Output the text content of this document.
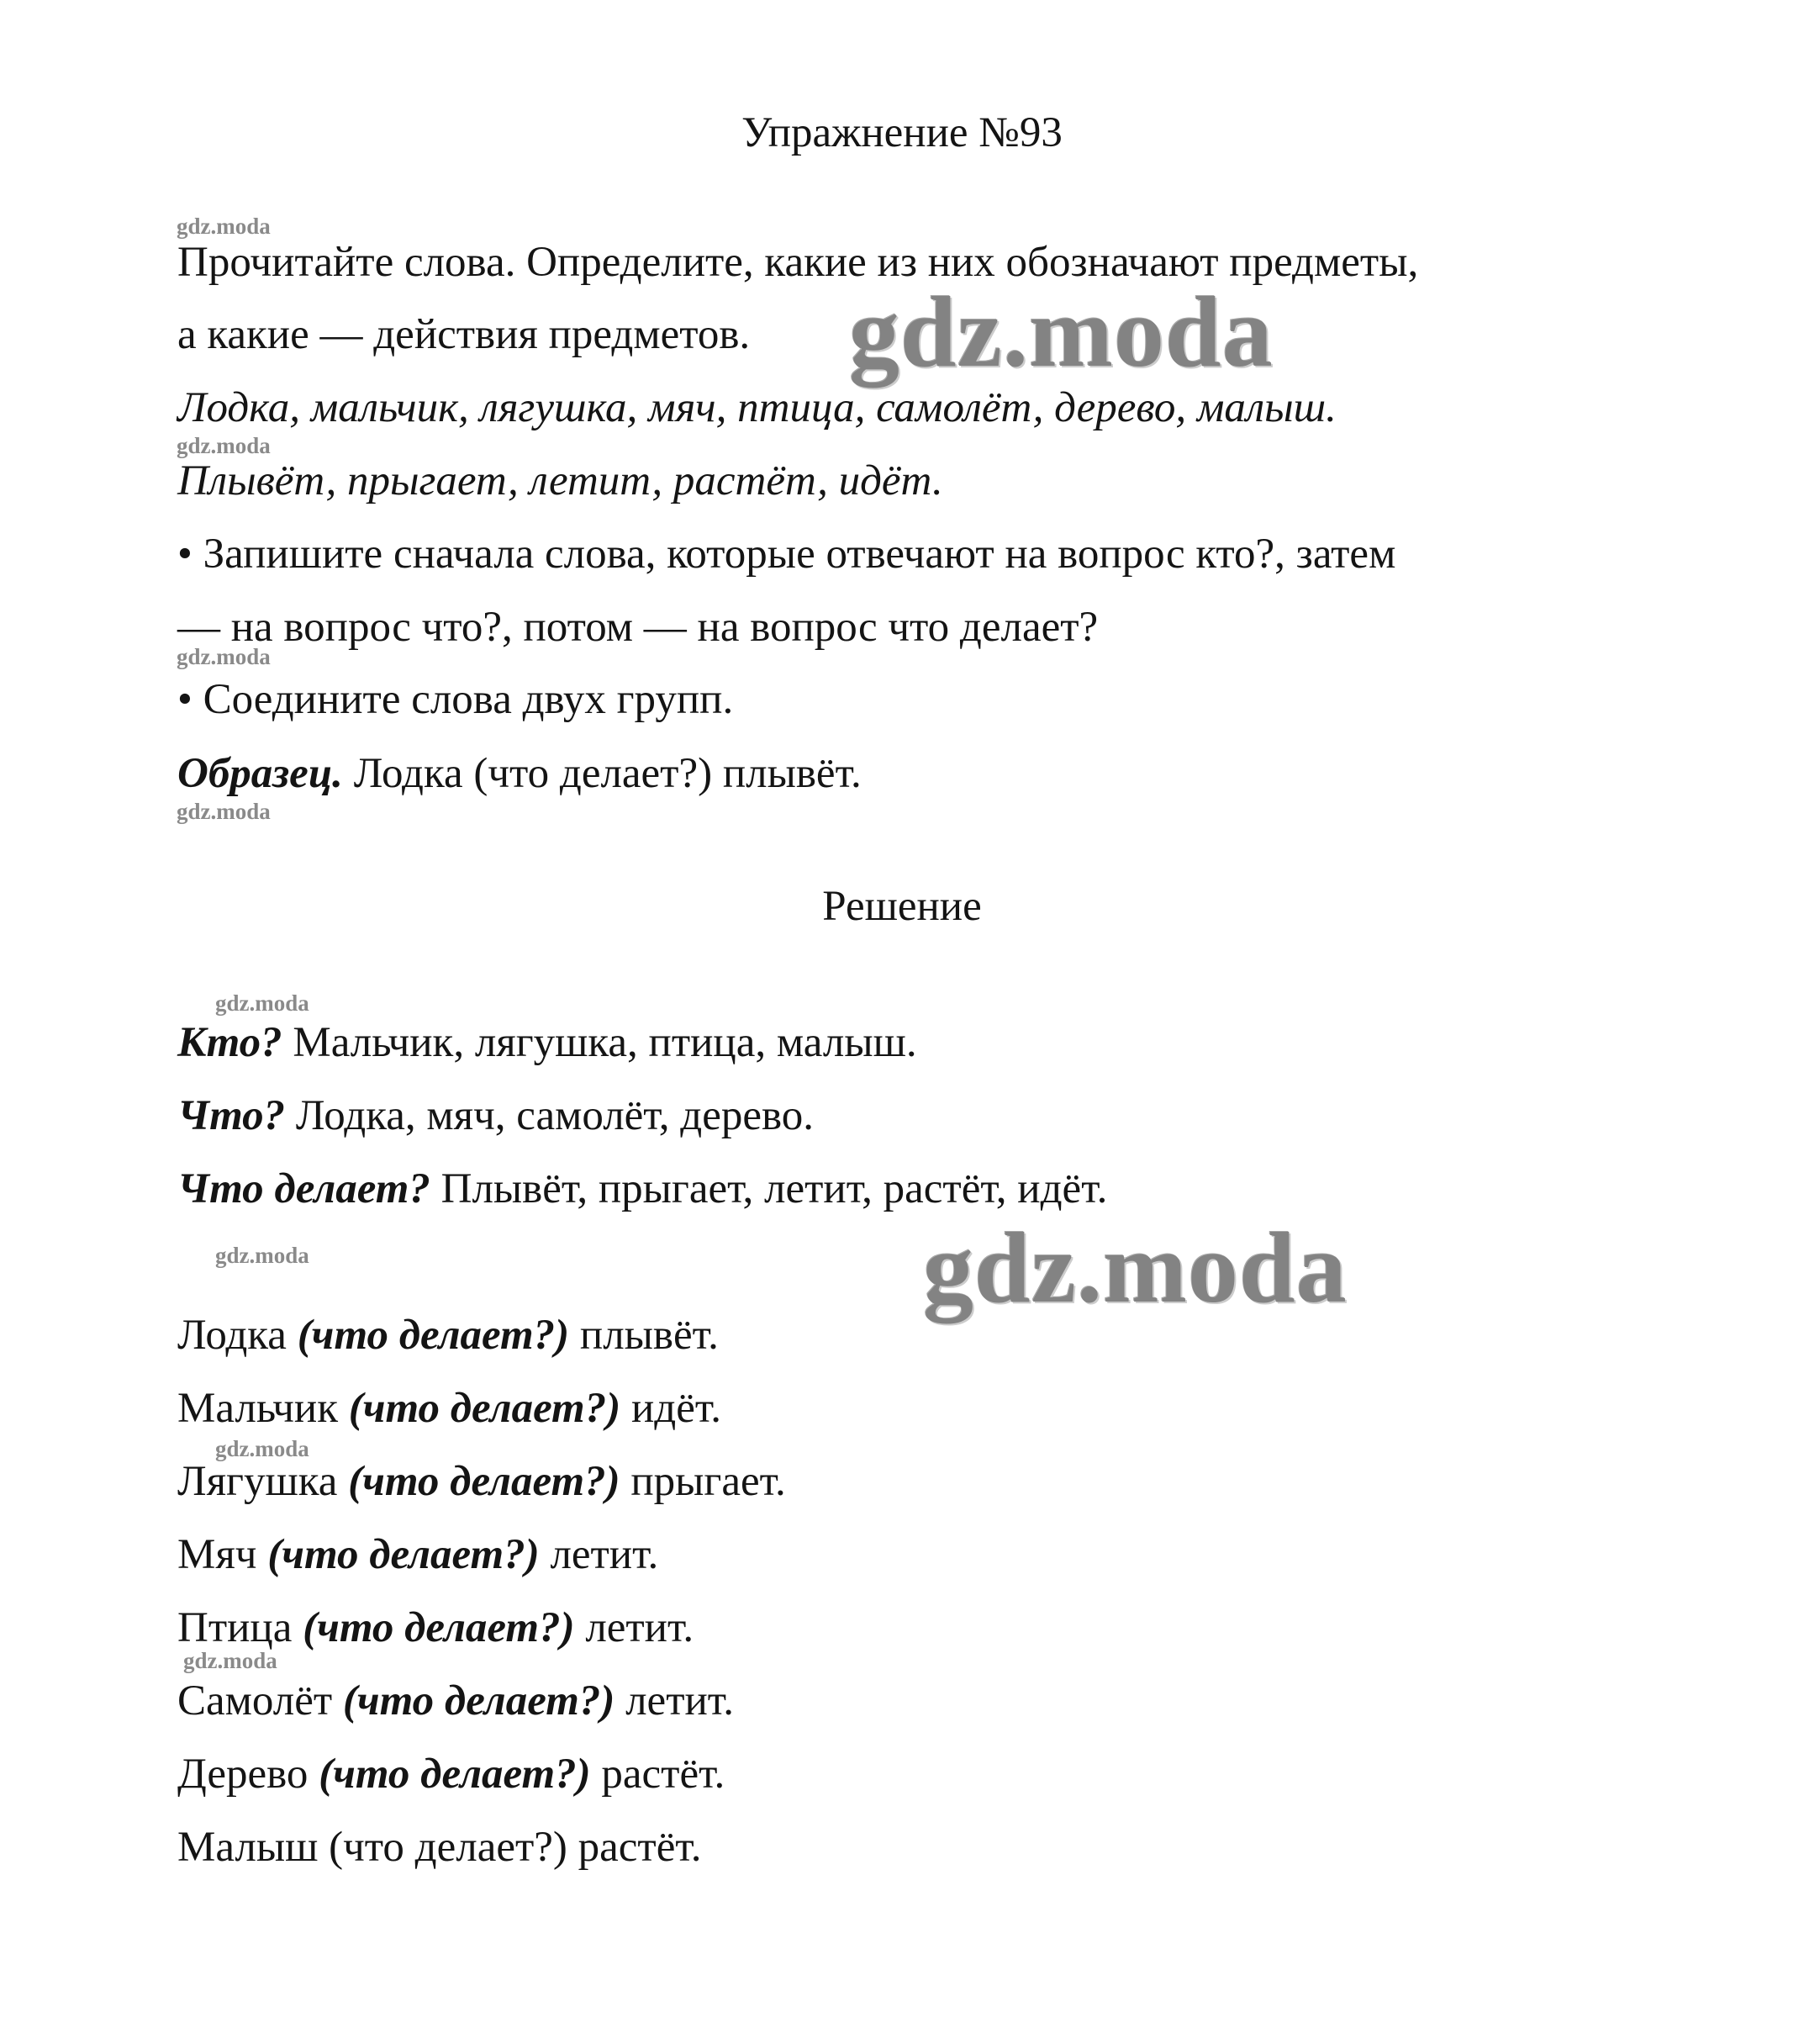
Упражнение №93
Прочитайте слова. Определите, какие из них обозначают предметы,
а какие — действия предметов.
Лодка, мальчик, лягушка, мяч, птица, самолёт, дерево, малыш.
Плывёт, прыгает, летит, растёт, идёт.
• Запишите сначала слова, которые отвечают на вопрос кто?, затем
— на вопрос что?, потом — на вопрос что делает?
• Соедините слова двух групп.
Образец. Лодка (что делает?) плывёт.
Решение
Кто? Мальчик, лягушка, птица, малыш.
Что? Лодка, мяч, самолёт, дерево.
Что делает? Плывёт, прыгает, летит, растёт, идёт.
Лодка (что делает?) плывёт.
Мальчик (что делает?) идёт.
Лягушка (что делает?) прыгает.
Мяч (что делает?) летит.
Птица (что делает?) летит.
Самолёт (что делает?) летит.
Дерево (что делает?) растёт.
Малыш (что делает?) растёт.
gdz.moda
gdz.moda
gdz.moda
gdz.moda
gdz.moda
gdz.moda
gdz.moda
gdz.moda
gdz.moda
gdz.moda
